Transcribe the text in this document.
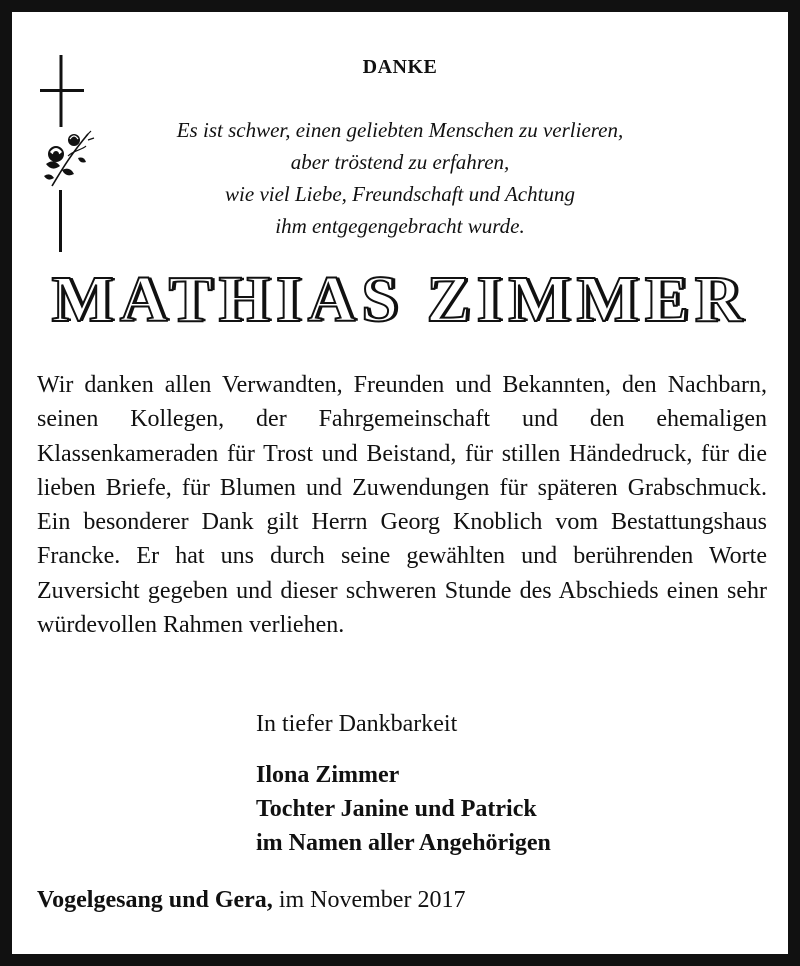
DANKE
Es ist schwer, einen geliebten Menschen zu verlieren,
aber tröstend zu erfahren,
wie viel Liebe, Freundschaft und Achtung
ihm entgegengebracht wurde.
MATHIAS ZIMMER
Wir danken allen Verwandten, Freunden und Bekannten, den Nachbarn, seinen Kollegen, der Fahrgemeinschaft und den ehemaligen Klassenkameraden für Trost und Beistand, für stillen Händedruck, für die lieben Briefe, für Blumen und Zuwendungen für späteren Grabschmuck. Ein besonderer Dank gilt Herrn Georg Knoblich vom Bestattungshaus Francke. Er hat uns durch seine gewählten und berührenden Worte Zuversicht gegeben und dieser schweren Stunde des Abschieds einen sehr würdevollen Rahmen verliehen.
In tiefer Dankbarkeit
Ilona Zimmer
Tochter Janine und Patrick
im Namen aller Angehörigen
Vogelgesang und Gera, im November 2017
